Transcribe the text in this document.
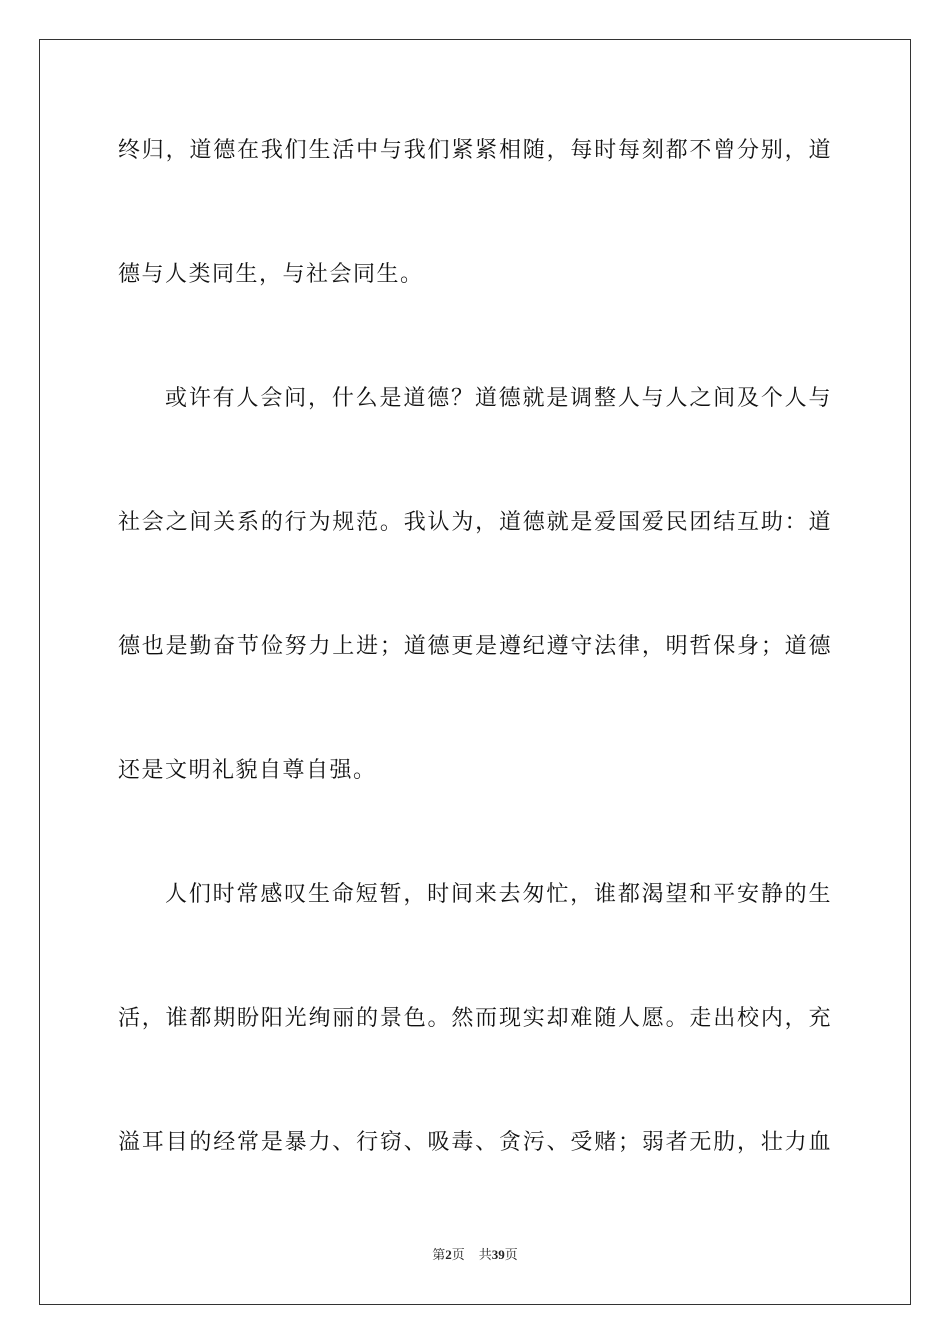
终归，道德在我们生活中与我们紧紧相随，每时每刻都不曾分别，道
德与人类同生，与社会同生。
或许有人会问，什么是道德？道德就是调整人与人之间及个人与
社会之间关系的行为规范。我认为，道德就是爱国爱民团结互助：道
德也是勤奋节俭努力上进；道德更是遵纪遵守法律，明哲保身；道德
还是文明礼貌自尊自强。
人们时常感叹生命短暂，时间来去匆忙，谁都渴望和平安静的生
活，谁都期盼阳光绚丽的景色。然而现实却难随人愿。走出校内，充
溢耳目的经常是暴力、行窃、吸毒、贪污、受赌；弱者无肋，壮力血
第2页 共39页
